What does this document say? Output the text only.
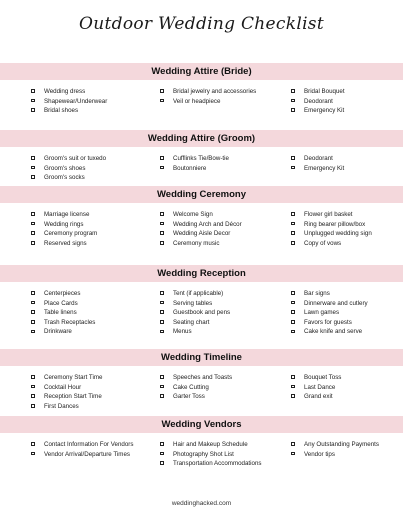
Outdoor Wedding Checklist
Wedding Attire (Bride)
Wedding dress
Shapewear/Underwear
Bridal shoes
Bridal jewelry and accessories
Veil or headpiece
Bridal Bouquet
Deodorant
Emergency Kit
Wedding Attire (Groom)
Groom's suit or tuxedo
Groom's shoes
Groom's socks
Cufflinks Tie/Bow-tie
Boutonniere
Deodorant
Emergency Kit
Wedding Ceremony
Marriage license
Wedding rings
Ceremony program
Reserved signs
Welcome Sign
Wedding Arch and Décor
Wedding Aisle Decor
Ceremony music
Flower girl basket
Ring bearer pillow/box
Unplugged wedding sign
Copy of vows
Wedding Reception
Centerpieces
Place Cards
Table linens
Trash Receptacles
Drinkware
Tent (if applicable)
Serving tables
Guestbook and pens
Seating chart
Menus
Bar signs
Dinnerware and cutlery
Lawn games
Favors for guests
Cake knife and serve
Wedding Timeline
Ceremony Start Time
Cocktail Hour
Reception Start Time
First Dances
Speeches and Toasts
Cake Cutting
Garter Toss
Bouquet Toss
Last Dance
Grand exit
Wedding Vendors
Contact Information For Vendors
Vendor Arrival/Departure Times
Hair and Makeup Schedule
Photography Shot List
Transportation Accommodations
Any Outstanding Payments
Vendor tips
weddinghacked.com
